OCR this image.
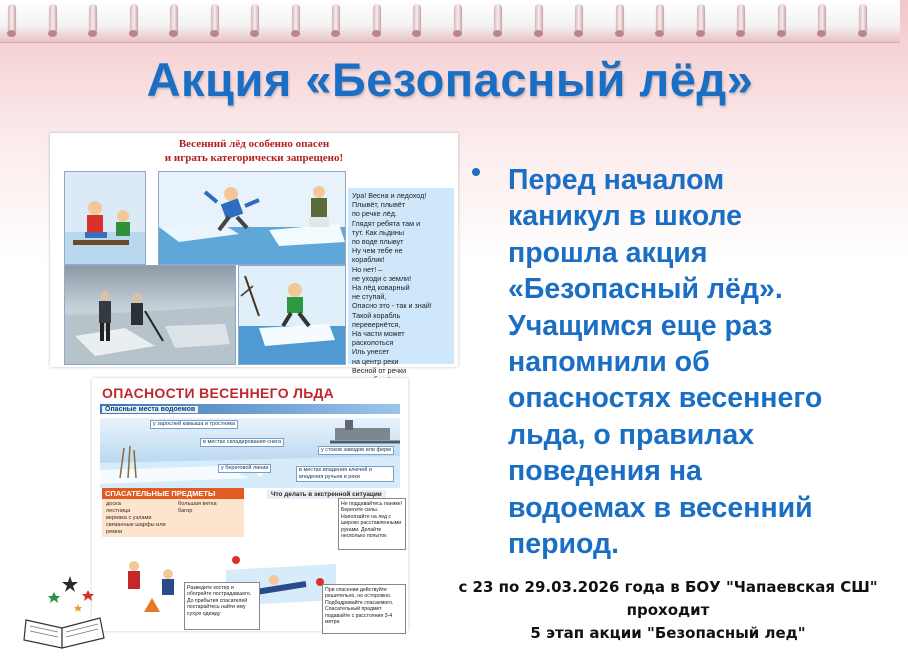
Акция «Безопасный лёд»
Весенний лёд особенно опасен
и играть категорически запрещено!
Ура! Весна и ледоход!
Плывёт, плывёт
по речке лёд.
Глядят ребята там и
тут. Как льдины
по воде плывут
Ну чем тебе не
кораблик!
Но нет! –
не уходи с земли!
На лёд коварный
не ступай,
Опасно это - так и знай!
Такой корабль
перевернётся,
На части может
расколоться
Иль унесет
на центр реки
Весной от речки
ОПАСНОСТИ ВЕСЕННЕГО ЛЬДА
Опасные места водоемов
у зарослей камыша и тростника
в местах складирования снега
у стоков заводов или ферм
у береговой линии	в местах впадения ключей и впадения ручьев в реки
СПАСАТЕЛЬНЫЕ ПРЕДМЕТЫ
доска
лестница
веревка с узлами
связанные шарфы или ремни
большая ветка
багор
Что делать в экстренной ситуации
Не поддавайтесь панике! Берегите силы. Наползайте на лед с широко расставленными руками. Делайте несколько попыток
Разведите костер и обогрейте пострадавшего. До прибытия спасателей постарайтесь найти ему сухую одежду
При спасении действуйте решительно, но осторожно. Подбадривайте спасаемого. Спасательный предмет подавайте с расстояния 3-4 метра
Перед началом
каникул в школе
прошла акция
«Безопасный лёд».
Учащимся еще раз
напомнили об
опасностях весеннего
льда, о правилах
поведения на
водоемах в весенний
период.
с 23 по 29.03.2026 года в БОУ "Чапаевская СШ"
проходит
5 этап акции "Безопасный лед"
